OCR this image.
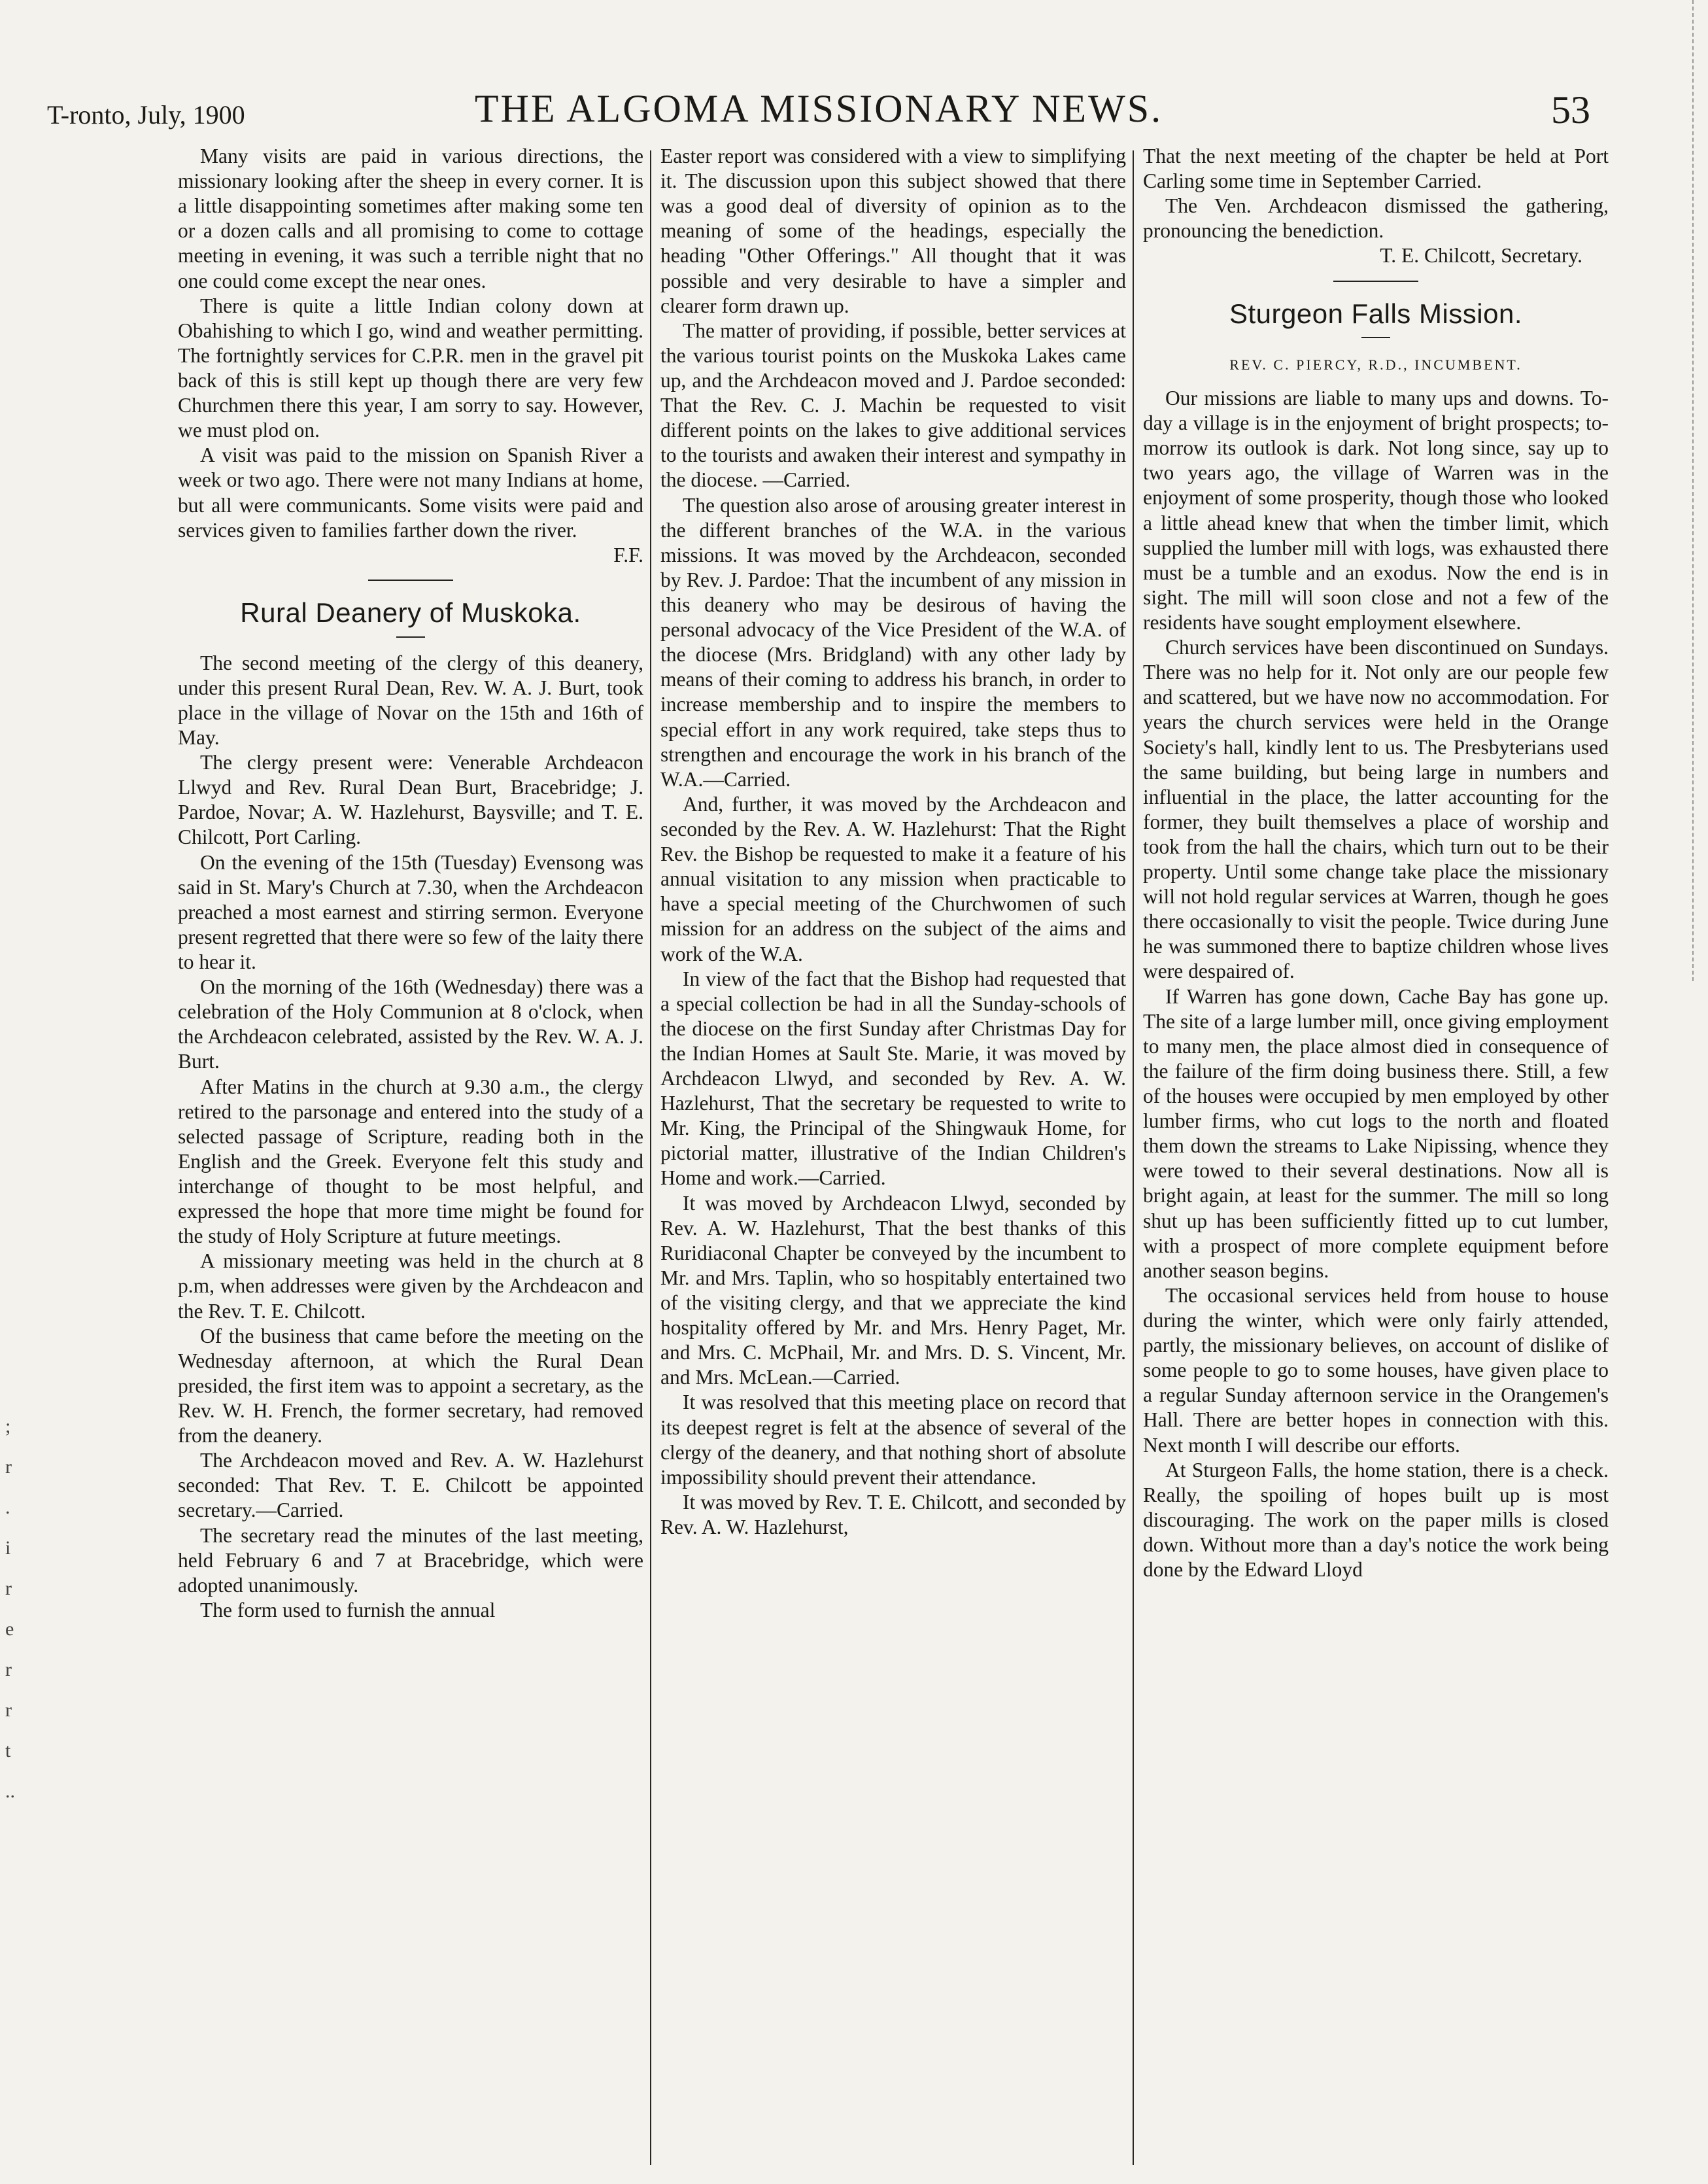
T-ronto, July, 1900	THE ALGOMA MISSIONARY NEWS.	53
;
r
.
i
r
e
r
r
t
..

Many visits are paid in various directions, the missionary looking after the sheep in every corner. It is a little disappointing sometimes after making some ten or a dozen calls and all promising to come to cottage meeting in evening, it was such a terrible night that no one could come except the near ones.

There is quite a little Indian colony down at Obahishing to which I go, wind and weather permitting. The fortnightly services for C.P.R. men in the gravel pit back of this is still kept up though there are very few Churchmen there this year, I am sorry to say. However, we must plod on.

A visit was paid to the mission on Spanish River a week or two ago. There were not many Indians at home, but all were communicants. Some visits were paid and services given to families farther down the river.

F.F.

Rural Deanery of Muskoka.

The second meeting of the clergy of this deanery, under this present Rural Dean, Rev. W. A. J. Burt, took place in the village of Novar on the 15th and 16th of May.

The clergy present were: Venerable Archdeacon Llwyd and Rev. Rural Dean Burt, Bracebridge; J. Pardoe, Novar; A. W. Hazlehurst, Baysville; and T. E. Chilcott, Port Carling.

On the evening of the 15th (Tuesday) Evensong was said in St. Mary's Church at 7.30, when the Archdeacon preached a most earnest and stirring sermon. Everyone present regretted that there were so few of the laity there to hear it.

On the morning of the 16th (Wednesday) there was a celebration of the Holy Communion at 8 o'clock, when the Archdeacon celebrated, assisted by the Rev. W. A. J. Burt.

After Matins in the church at 9.30 a.m., the clergy retired to the parsonage and entered into the study of a selected passage of Scripture, reading both in the English and the Greek. Everyone felt this study and interchange of thought to be most helpful, and expressed the hope that more time might be found for the study of Holy Scripture at future meetings.

A missionary meeting was held in the church at 8 p.m, when addresses were given by the Archdeacon and the Rev. T. E. Chilcott.

Of the business that came before the meeting on the Wednesday afternoon, at which the Rural Dean presided, the first item was to appoint a secretary, as the Rev. W. H. French, the former secretary, had removed from the deanery.

The Archdeacon moved and Rev. A. W. Hazlehurst seconded: That Rev. T. E. Chilcott be appointed secretary.—Carried.

The secretary read the minutes of the last meeting, held February 6 and 7 at Bracebridge, which were adopted unanimously.

The form used to furnish the annual

Easter report was considered with a view to simplifying it. The discussion upon this subject showed that there was a good deal of diversity of opinion as to the meaning of some of the headings, especially the heading "Other Offerings." All thought that it was possible and very desirable to have a simpler and clearer form drawn up.

The matter of providing, if possible, better services at the various tourist points on the Muskoka Lakes came up, and the Archdeacon moved and J. Pardoe seconded: That the Rev. C. J. Machin be requested to visit different points on the lakes to give additional services to the tourists and awaken their interest and sympathy in the diocese. —Carried.

The question also arose of arousing greater interest in the different branches of the W.A. in the various missions. It was moved by the Archdeacon, seconded by Rev. J. Pardoe: That the incumbent of any mission in this deanery who may be desirous of having the personal advocacy of the Vice President of the W.A. of the diocese (Mrs. Bridgland) with any other lady by means of their coming to address his branch, in order to increase membership and to inspire the members to special effort in any work required, take steps thus to strengthen and encourage the work in his branch of the W.A.—Carried.

And, further, it was moved by the Archdeacon and seconded by the Rev. A. W. Hazlehurst: That the Right Rev. the Bishop be requested to make it a feature of his annual visitation to any mission when practicable to have a special meeting of the Churchwomen of such mission for an address on the subject of the aims and work of the W.A.

In view of the fact that the Bishop had requested that a special collection be had in all the Sunday-schools of the diocese on the first Sunday after Christmas Day for the Indian Homes at Sault Ste. Marie, it was moved by Archdeacon Llwyd, and seconded by Rev. A. W. Hazlehurst, That the secretary be requested to write to Mr. King, the Principal of the Shingwauk Home, for pictorial matter, illustrative of the Indian Children's Home and work.—Carried.

It was moved by Archdeacon Llwyd, seconded by Rev. A. W. Hazlehurst, That the best thanks of this Ruridiaconal Chapter be conveyed by the incumbent to Mr. and Mrs. Taplin, who so hospitably entertained two of the visiting clergy, and that we appreciate the kind hospitality offered by Mr. and Mrs. Henry Paget, Mr. and Mrs. C. McPhail, Mr. and Mrs. D. S. Vincent, Mr. and Mrs. McLean.—Carried.

It was resolved that this meeting place on record that its deepest regret is felt at the absence of several of the clergy of the deanery, and that nothing short of absolute impossibility should prevent their attendance.

It was moved by Rev. T. E. Chilcott, and seconded by Rev. A. W. Hazlehurst,

That the next meeting of the chapter be held at Port Carling some time in September Carried.

The Ven. Archdeacon dismissed the gathering, pronouncing the benediction.

T. E. Chilcott, Secretary.

Sturgeon Falls Mission.
REV. C. PIERCY, R.D., INCUMBENT.

Our missions are liable to many ups and downs. To-day a village is in the enjoyment of bright prospects; to-morrow its outlook is dark. Not long since, say up to two years ago, the village of Warren was in the enjoyment of some prosperity, though those who looked a little ahead knew that when the timber limit, which supplied the lumber mill with logs, was exhausted there must be a tumble and an exodus. Now the end is in sight. The mill will soon close and not a few of the residents have sought employment elsewhere.

Church services have been discontinued on Sundays. There was no help for it. Not only are our people few and scattered, but we have now no accommodation. For years the church services were held in the Orange Society's hall, kindly lent to us. The Presbyterians used the same building, but being large in numbers and influential in the place, the latter accounting for the former, they built themselves a place of worship and took from the hall the chairs, which turn out to be their property. Until some change take place the missionary will not hold regular services at Warren, though he goes there occasionally to visit the people. Twice during June he was summoned there to baptize children whose lives were despaired of.

If Warren has gone down, Cache Bay has gone up. The site of a large lumber mill, once giving employment to many men, the place almost died in consequence of the failure of the firm doing business there. Still, a few of the houses were occupied by men employed by other lumber firms, who cut logs to the north and floated them down the streams to Lake Nipissing, whence they were towed to their several destinations. Now all is bright again, at least for the summer. The mill so long shut up has been sufficiently fitted up to cut lumber, with a prospect of more complete equipment before another season begins.

The occasional services held from house to house during the winter, which were only fairly attended, partly, the missionary believes, on account of dislike of some people to go to some houses, have given place to a regular Sunday afternoon service in the Orangemen's Hall. There are better hopes in connection with this. Next month I will describe our efforts.

At Sturgeon Falls, the home station, there is a check. Really, the spoiling of hopes built up is most discouraging. The work on the paper mills is closed down. Without more than a day's notice the work being done by the Edward Lloyd
